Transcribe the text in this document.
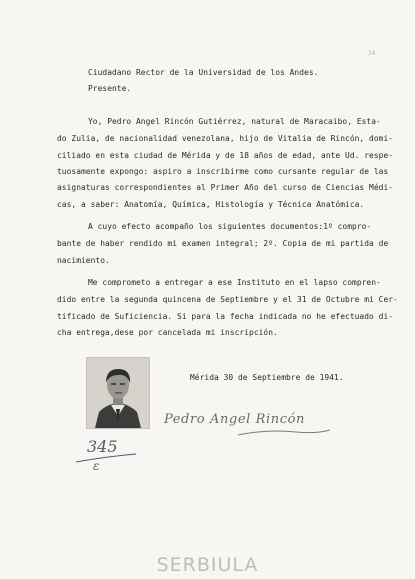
24
Ciudadano Rector de la Universidad de los Andes.
Presente.
Yo, Pedro Angel Rincón Gutiérrez, natural de Maracaibo, Esta-
do Zulia, de nacionalidad venezolana, hijo de Vitalia de Rincón, domi-
ciliado en esta ciudad de Mérida y de 18 años de edad, ante Ud. respe-
tuosamente expongo: aspiro a inscribirme como cursante regular de las
asignaturas correspondientes al Primer Año del curso de Ciencias Médi-
cas, a saber: Anatomía, Química, Histología y Técnica Anatómica.
A cuyo efecto acompaño los siguientes documentos:1º compro-
bante de haber rendido mi examen integral; 2º. Copia de mi partida de
nacimiento.
Me comprometo a entregar a ese Instituto en el lapso compren-
dido entre la segunda quincena de Septiembre y el 31 de Octubre mi Cer-
tificado de Suficiencia. Si para la fecha indicada no he efectuado di-
cha entrega,dese por cancelada mi inscripción.
Mérida 30 de Septiembre de 1941.
Pedro Angel Rincón
345
ɛ
SERBIULA
